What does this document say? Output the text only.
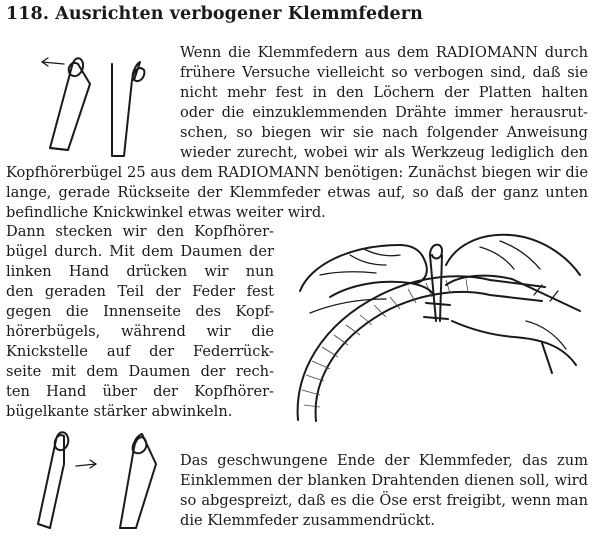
118. Ausrichten verbogener Klemmfedern
Wenn die Klemmfedern aus dem RADIOMANN durch
frühere Versuche vielleicht so verbogen sind, daß sie
nicht mehr fest in den Löchern der Platten halten
oder die einzuklemmenden Drähte immer herausrut-
schen, so biegen wir sie nach folgender Anweisung
wieder zurecht, wobei wir als Werkzeug lediglich den
Kopfhörerbügel 25 aus dem RADIOMANN benötigen: Zunächst biegen wir die
lange, gerade Rückseite der Klemmfeder etwas auf, so daß der ganz unten
befindliche Knickwinkel etwas weiter wird.
Dann stecken wir den Kopfhörer-
bügel durch. Mit dem Daumen der
linken Hand drücken wir nun
den geraden Teil der Feder fest
gegen die Innenseite des Kopf-
hörerbügels, während wir die
Knickstelle auf der Federrück-
seite mit dem Daumen der rech-
ten Hand über der Kopfhörer-
bügelkante stärker abwinkeln.
Das geschwungene Ende der Klemmfeder, das zum
Einklemmen der blanken Drahtenden dienen soll, wird
so abgespreizt, daß es die Öse erst freigibt, wenn man
die Klemmfeder zusammendrückt.
